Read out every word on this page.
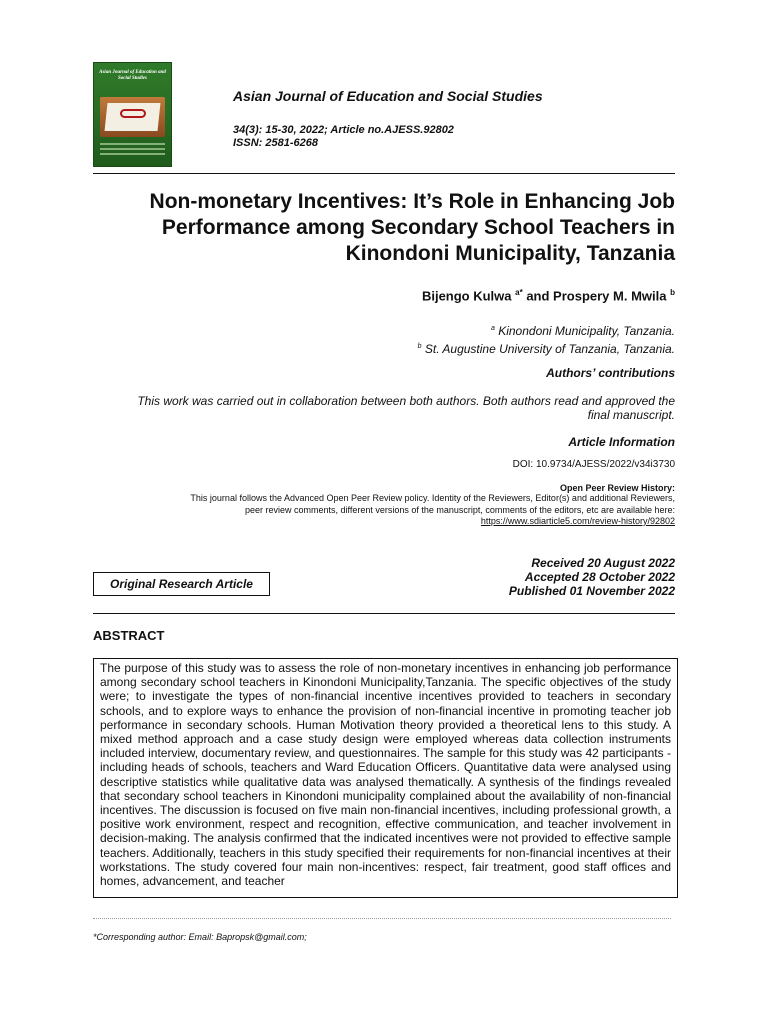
Asian Journal of Education and Social Studies
Asian Journal of Education and Social Studies
34(3): 15-30, 2022; Article no.AJESS.92802
ISSN: 2581-6268
Non-monetary Incentives: It’s Role in Enhancing Job
Performance among Secondary School Teachers in
Kinondoni Municipality, Tanzania
Bijengo Kulwa $^{a*}$ and Prospery M. Mwila $^b$
$^a$ Kinondoni Municipality, Tanzania.
$^b$ St. Augustine University of Tanzania, Tanzania.
Authors’ contributions
This work was carried out in collaboration between both authors. Both authors read and approved the
final manuscript.
Article Information
DOI: 10.9734/AJESS/2022/v34i3730
Open Peer Review History:
This journal follows the Advanced Open Peer Review policy. Identity of the Reviewers, Editor(s) and additional Reviewers,
peer review comments, different versions of the manuscript, comments of the editors, etc are available here:
https://www.sdiarticle5.com/review-history/92802
Received 20 August 2022
Accepted 28 October 2022
Published 01 November 2022
Original Research Article
ABSTRACT
The purpose of this study was to assess the role of non-monetary incentives in enhancing job performance among secondary school teachers in Kinondoni Municipality,Tanzania. The specific objectives of the study were; to investigate the types of non-financial incentive incentives provided to teachers in secondary schools, and to explore ways to enhance the provision of non-financial incentive in promoting teacher job performance in secondary schools. Human Motivation theory provided a theoretical lens to this study. A mixed method approach and a case study design were employed whereas data collection instruments included interview, documentary review, and questionnaires. The sample for this study was 42 participants -including heads of schools, teachers and Ward Education Officers. Quantitative data were analysed using descriptive statistics while qualitative data was analysed thematically. A synthesis of the findings revealed that secondary school teachers in Kinondoni municipality complained about the availability of non-financial incentives. The discussion is focused on five main non-financial incentives, including professional growth, a positive work environment, respect and recognition, effective communication, and teacher involvement in decision-making. The analysis confirmed that the indicated incentives were not provided to effective sample teachers. Additionally, teachers in this study specified their requirements for non-financial incentives at their workstations. The study covered four main non-incentives: respect, fair treatment, good staff offices and homes, advancement, and teacher
*Corresponding author: Email: Bapropsk@gmail.com;
